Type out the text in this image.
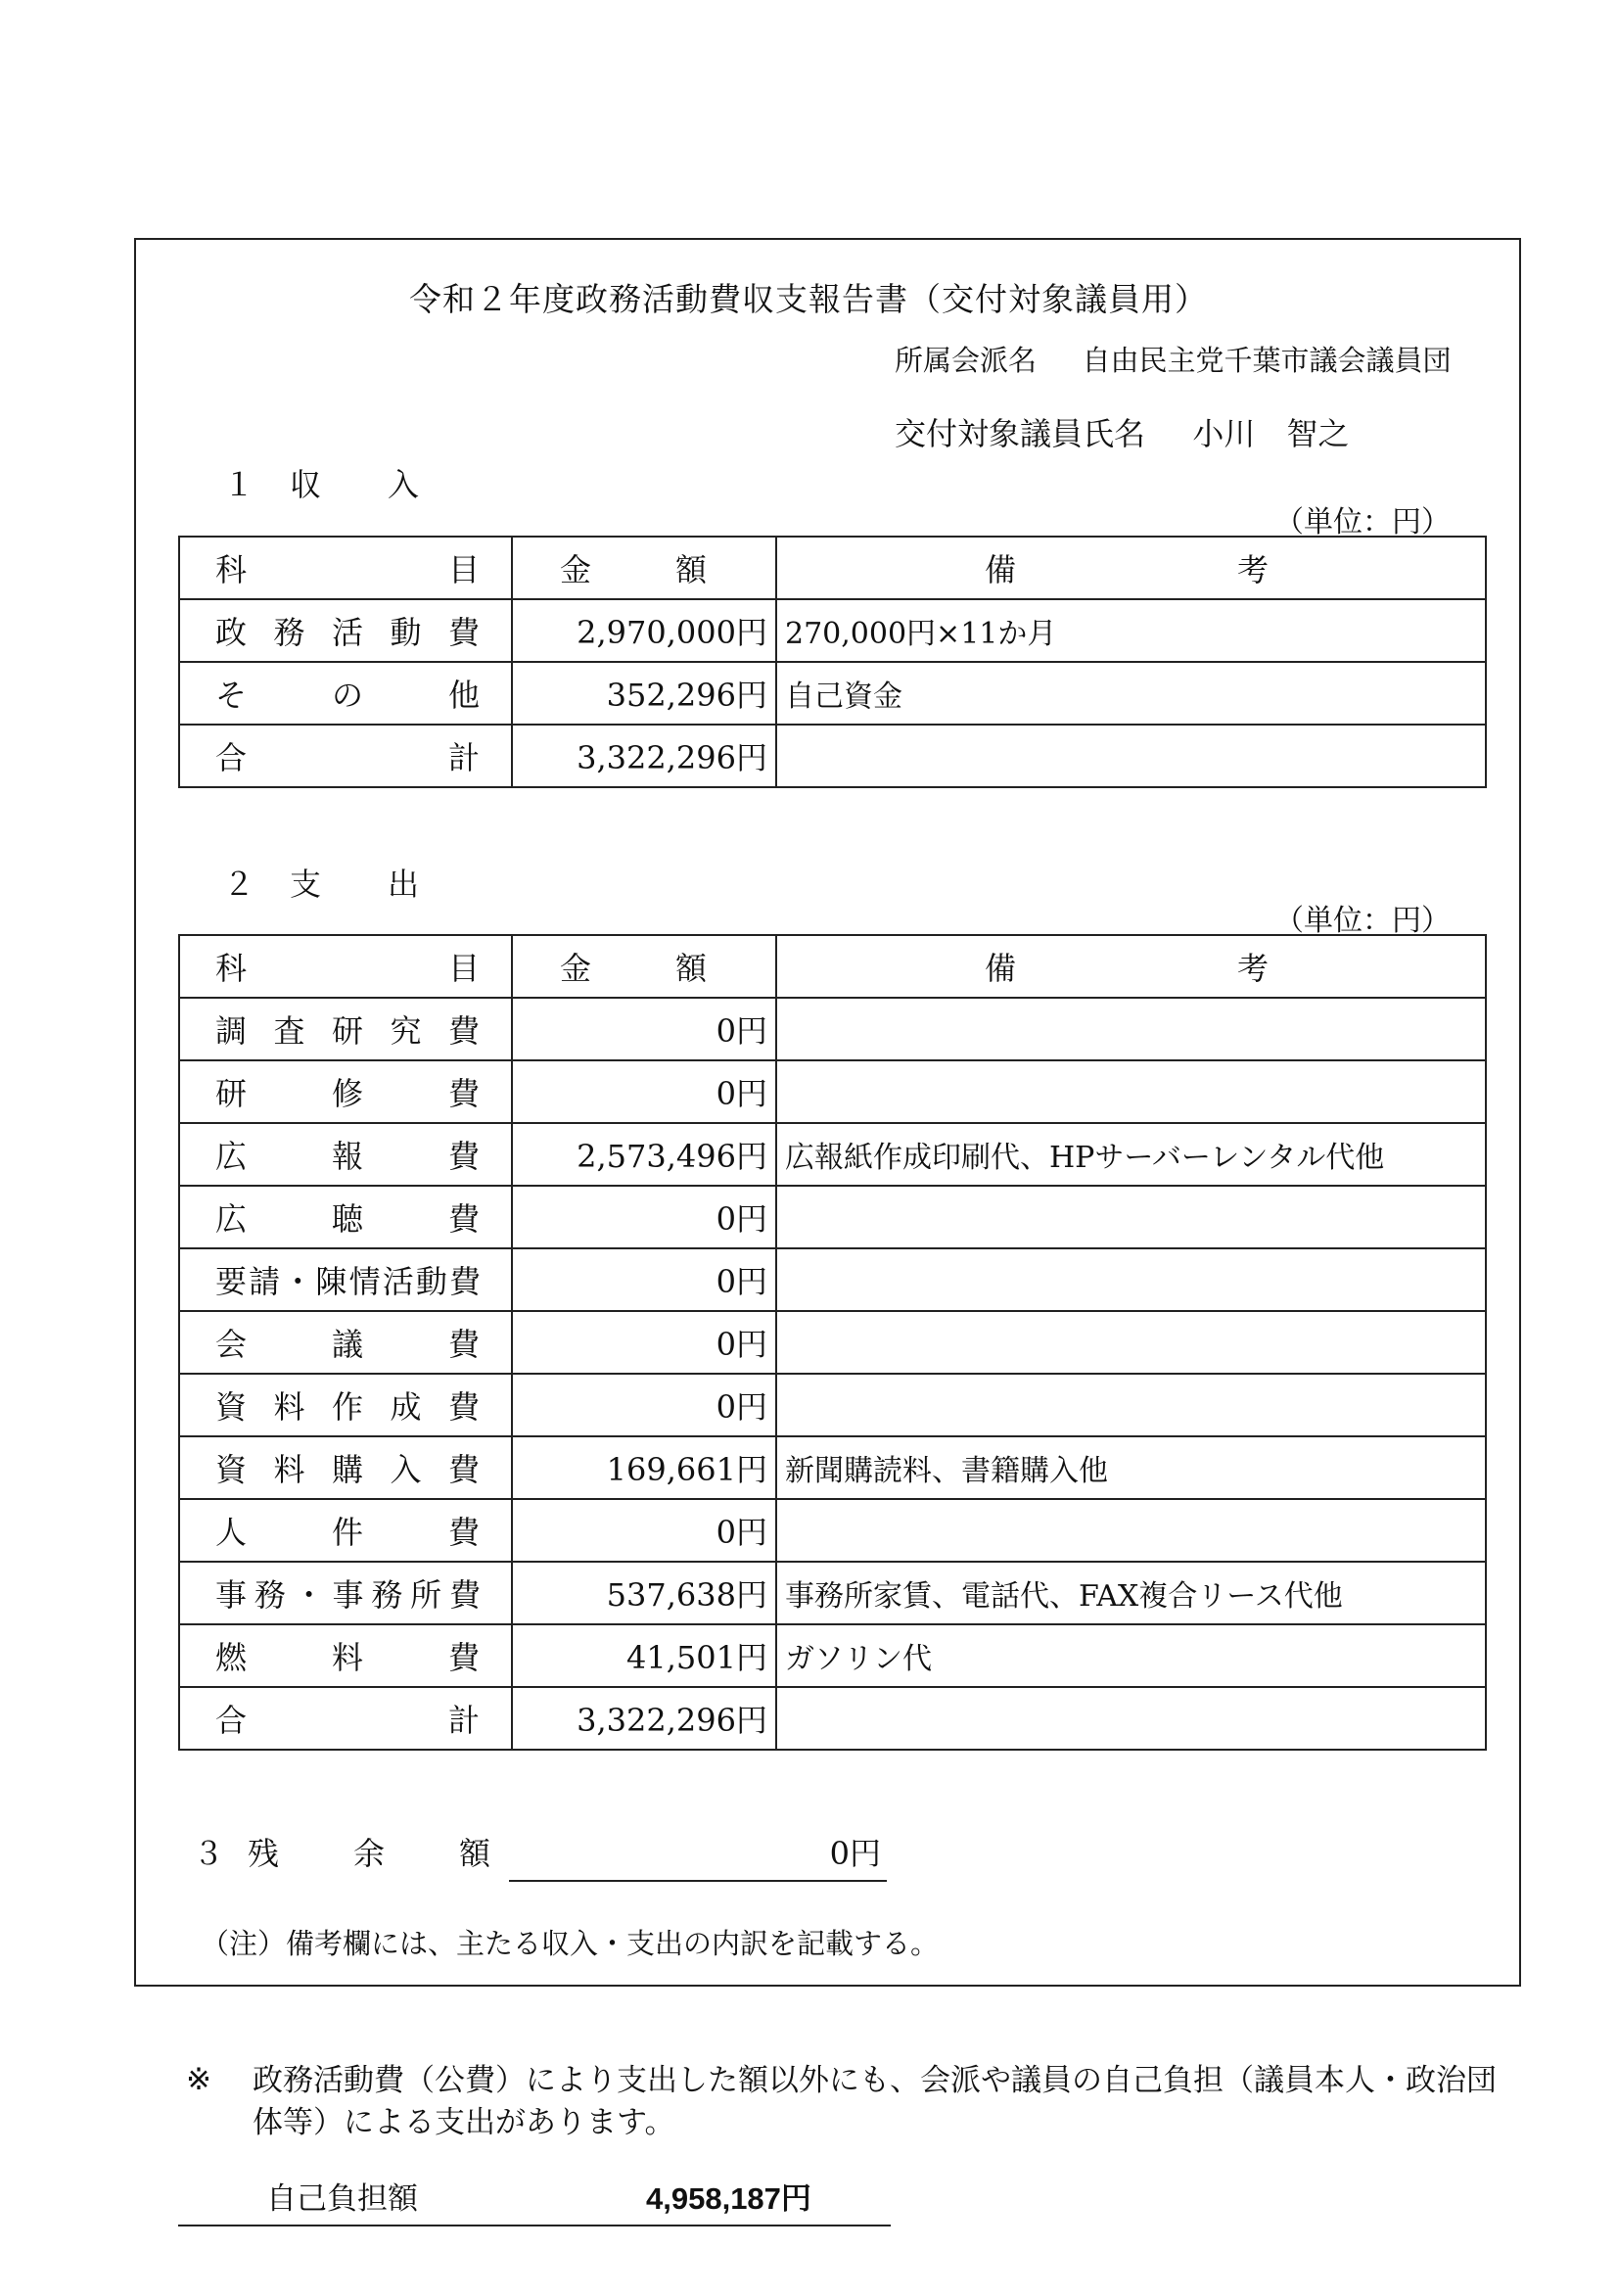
令和２年度政務活動費収支報告書（交付対象議員用）
所属会派名 自由民主党千葉市議会議員団
交付対象議員氏名 小川　智之
１ 収 入
（単位：円）
科目	金額	備考
政務活動費	2,970,000円	270,000円×11か月
その他	352,296円	自己資金
合計	3,322,296円	
２ 支 出
（単位：円）
科目	金額	備考
調査研究費	0円	
研修費	0円	
広報費	2,573,496円	広報紙作成印刷代、HPサーバーレンタル代他
広聴費	0円	
要請・陳情活動費	0円	
会議費	0円	
資料作成費	0円	
資料購入費	169,661円	新聞購読料、書籍購入他
人件費	0円	
事務・事務所費	537,638円	事務所家賃、電話代、FAX複合リース代他
燃料費	41,501円	ガソリン代
合計	3,322,296円	
３ 残余額	0円
（注）備考欄には、主たる収入・支出の内訳を記載する。
※ 政務活動費（公費）により支出した額以外にも、会派や議員の自己負担（議員本人・政治団体等）による支出があります。
自己負担額	4,958,187円
